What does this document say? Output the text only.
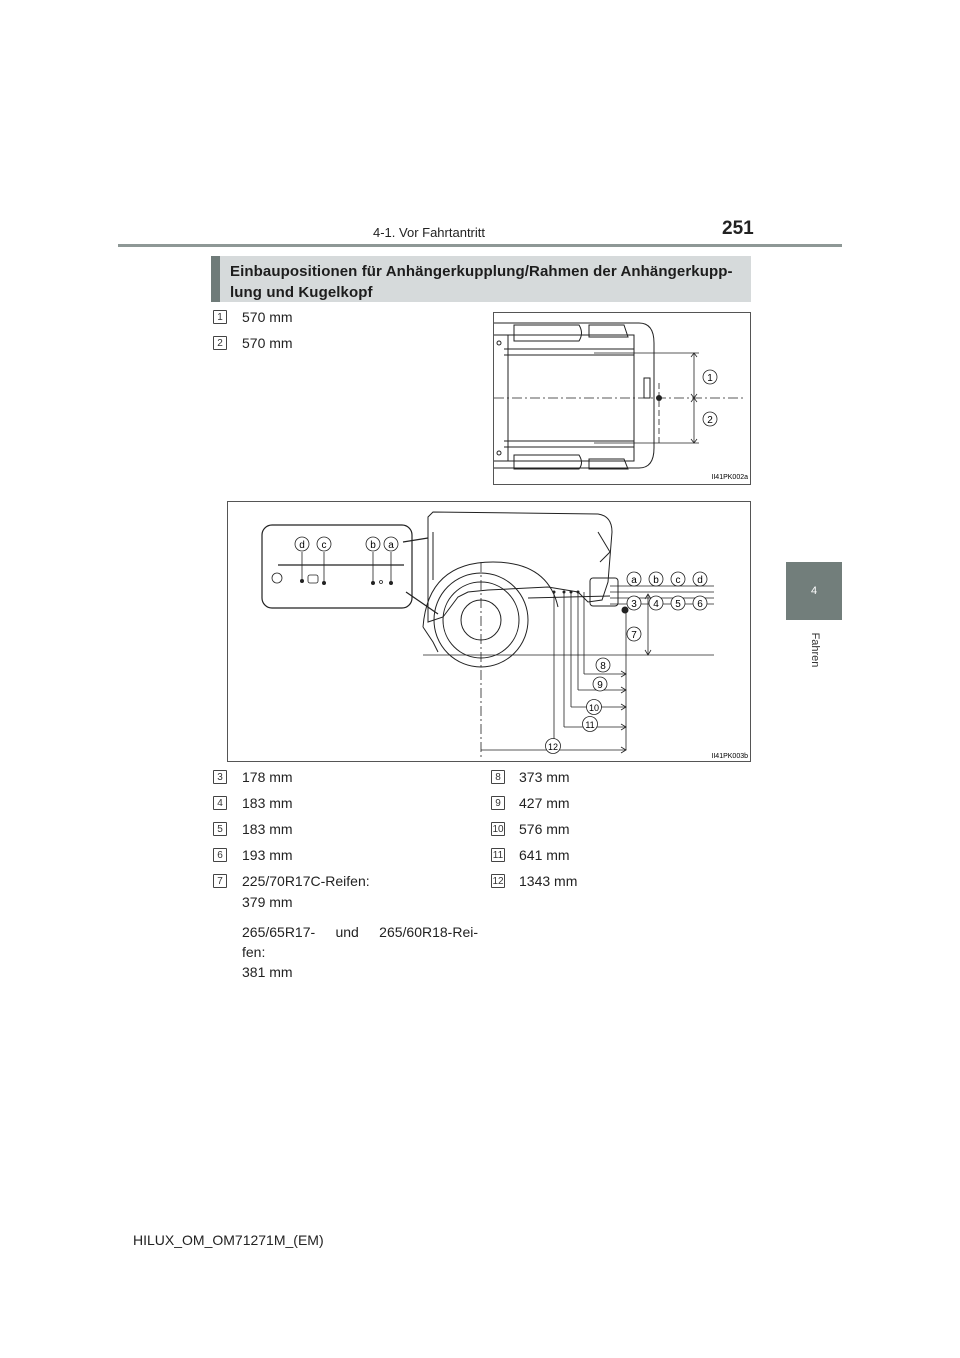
4-1. Vor Fahrtantritt	251
4
Fahren
Einbaupositionen für Anhängerkupplung/Rahmen der Anhängerkupp-
lung und Kugelkopf
1	570 mm
2	570 mm
1
2
II41PK002a
d c	b a
a b c d
3 4 5 6
7
8
9
10
11
12
II41PK003b
3	178 mm
4	183 mm
5	183 mm
6	193 mm
7	225/70R17C-Reifen:
379 mm
265/65R17- und 265/60R18-Rei-
fen:
381 mm
8	373 mm
9	427 mm
10 576 mm
11 641 mm
12 1343 mm
HILUX_OM_OM71271M_(EM)
